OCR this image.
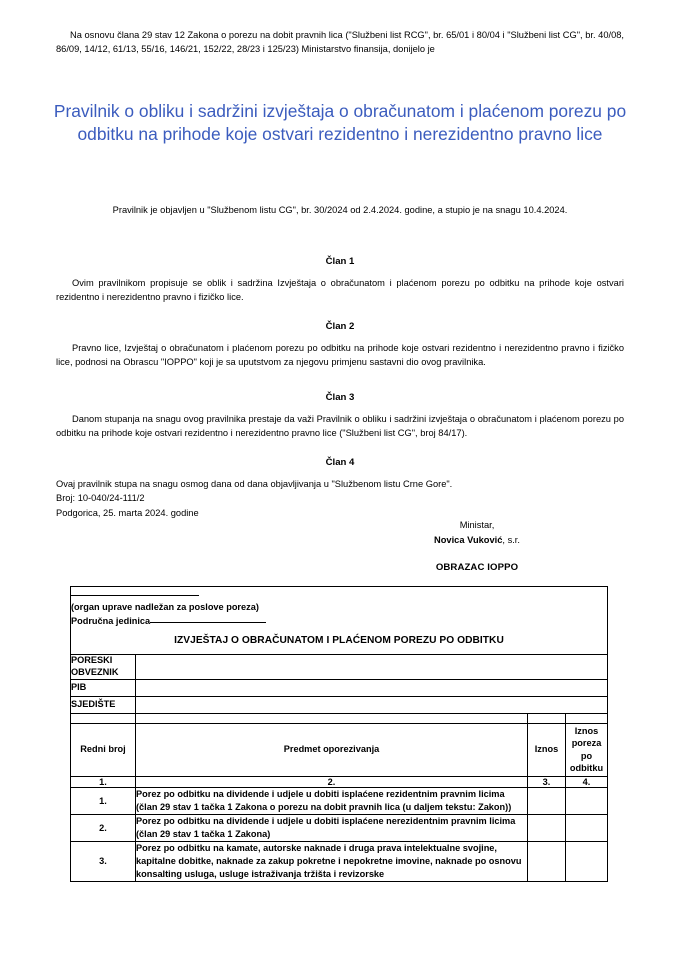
Na osnovu člana 29 stav 12 Zakona o porezu na dobit pravnih lica ("Službeni list RCG", br. 65/01 i 80/04 i "Službeni list CG", br. 40/08, 86/09, 14/12, 61/13, 55/16, 146/21, 152/22, 28/23 i 125/23) Ministarstvo finansija, donijelo je
Pravilnik o obliku i sadržini izvještaja o obračunatom i plaćenom porezu po odbitku na prihode koje ostvari rezidentno i nerezidentno pravno lice
Pravilnik je objavljen u "Službenom listu CG", br. 30/2024 od 2.4.2024. godine, a stupio je na snagu 10.4.2024.
Član 1

Ovim pravilnikom propisuje se oblik i sadržina Izvještaja o obračunatom i plaćenom porezu po odbitku na prihode koje ostvari rezidentno i nerezidentno pravno i fizičko lice.

Član 2

Pravno lice, Izvještaj o obračunatom i plaćenom porezu po odbitku na prihode koje ostvari rezidentno i nerezidentno pravno i fizičko lice, podnosi na Obrascu "IOPPO" koji je sa uputstvom za njegovu primjenu sastavni dio ovog pravilnika.

Član 3

Danom stupanja na snagu ovog pravilnika prestaje da važi Pravilnik o obliku i sadržini izvještaja o obračunatom i plaćenom porezu po odbitku na prihode koje ostvari rezidentno i nerezidentno pravno lice ("Službeni list CG", broj 84/17).

Član 4

Ovaj pravilnik stupa na snagu osmog dana od dana objavljivanja u "Službenom listu Crne Gore".
Broj: 10-040/24-111/2
Podgorica, 25. marta 2024. godine

Ministar,
Novica Vuković, s.r.
OBRAZAC IOPPO

(organ uprave nadležan za poslove poreza)
Područna jedinica
IZVJEŠTAJ O OBRAČUNATOM I PLAĆENOM POREZU PO ODBITKU			

PORESKI OBVEZNIK			
PIB			
SJEDIŠTE			

Redni broj	Predmet oporezivanja	Iznos	Iznos poreza po odbitku
1.	2.	3.	4.
1.	Porez po odbitku na dividende i udjele u dobiti isplaćene rezidentnim pravnim licima (član 29 stav 1 tačka 1 Zakona o porezu na dobit pravnih lica (u daljem tekstu: Zakon))		
2.	Porez po odbitku na dividende i udjele u dobiti isplaćene nerezidentnim pravnim licima (član 29 stav 1 tačka 1 Zakona)		
3.	Porez po odbitku na kamate, autorske naknade i druga prava intelektualne svojine, kapitalne dobitke, naknade za zakup pokretne i nepokretne imovine, naknade po osnovu konsalting usluga, usluge istraživanja tržišta i revizorske		
